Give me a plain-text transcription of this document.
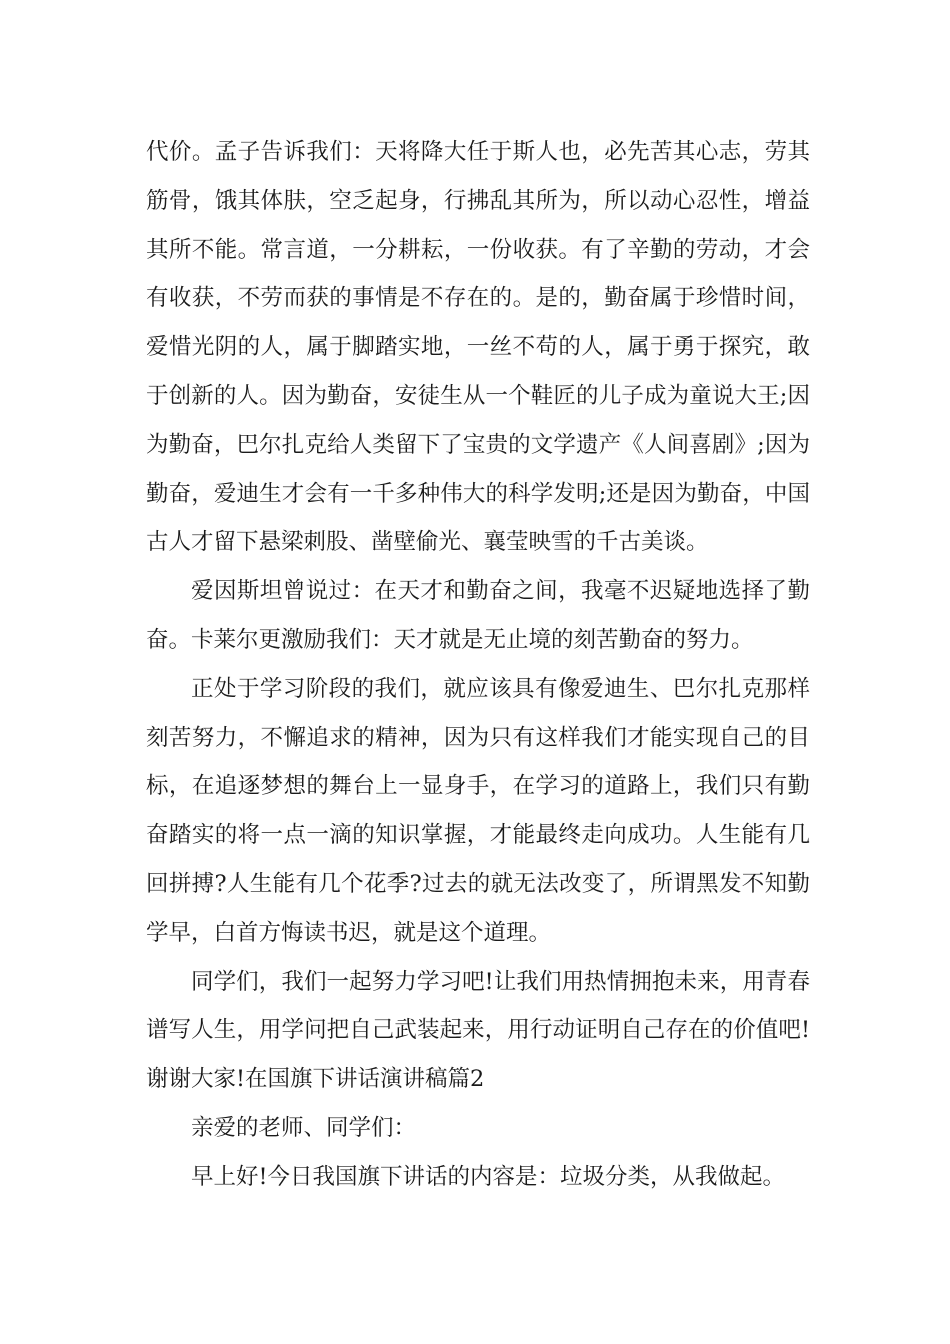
代价。孟子告诉我们：天将降大任于斯人也，必先苦其心志，劳其筋骨，饿其体肤，空乏起身，行拂乱其所为，所以动心忍性，增益其所不能。常言道，一分耕耘，一份收获。有了辛勤的劳动，才会有收获，不劳而获的事情是不存在的。是的，勤奋属于珍惜时间，爱惜光阴的人，属于脚踏实地，一丝不苟的人，属于勇于探究，敢于创新的人。因为勤奋，安徒生从一个鞋匠的儿子成为童说大王;因为勤奋，巴尔扎克给人类留下了宝贵的文学遗产《人间喜剧》;因为勤奋，爱迪生才会有一千多种伟大的科学发明;还是因为勤奋，中国古人才留下悬梁刺股、凿壁偷光、襄莹映雪的千古美谈。

爱因斯坦曾说过：在天才和勤奋之间，我毫不迟疑地选择了勤奋。卡莱尔更激励我们：天才就是无止境的刻苦勤奋的努力。

正处于学习阶段的我们，就应该具有像爱迪生、巴尔扎克那样刻苦努力，不懈追求的精神，因为只有这样我们才能实现自己的目标，在追逐梦想的舞台上一显身手，在学习的道路上，我们只有勤奋踏实的将一点一滴的知识掌握，才能最终走向成功。人生能有几回拼搏?人生能有几个花季?过去的就无法改变了，所谓黑发不知勤学早，白首方悔读书迟，就是这个道理。

同学们，我们一起努力学习吧!让我们用热情拥抱未来，用青春谱写人生，用学问把自己武装起来，用行动证明自己存在的价值吧!谢谢大家!在国旗下讲话演讲稿篇2

亲爱的老师、同学们：

早上好!今日我国旗下讲话的内容是：垃圾分类，从我做起。
